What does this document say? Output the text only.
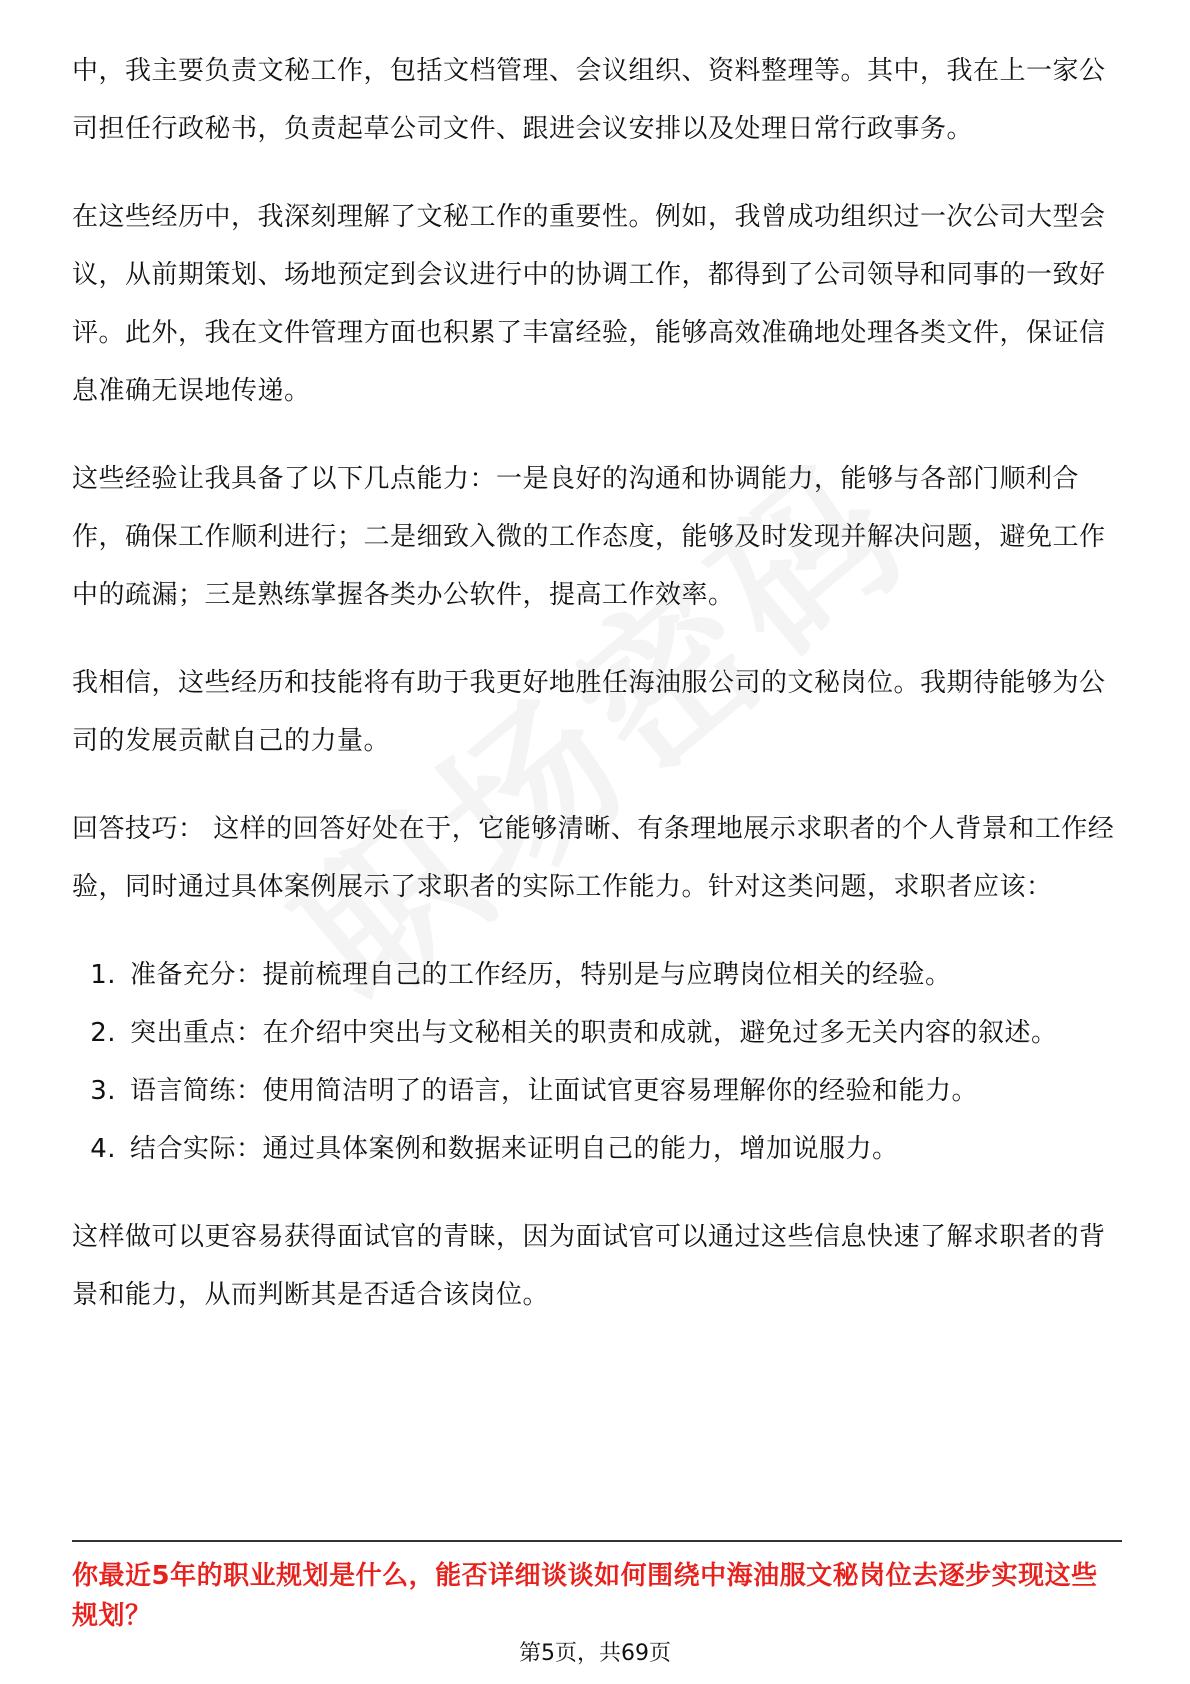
中，我主要负责文秘工作，包括文档管理、会议组织、资料整理等。其中，我在上一家公司担任行政秘书，负责起草公司文件、跟进会议安排以及处理日常行政事务。

在这些经历中，我深刻理解了文秘工作的重要性。例如，我曾成功组织过一次公司大型会议，从前期策划、场地预定到会议进行中的协调工作，都得到了公司领导和同事的一致好评。此外，我在文件管理方面也积累了丰富经验，能够高效准确地处理各类文件，保证信息准确无误地传递。

这些经验让我具备了以下几点能力：一是良好的沟通和协调能力，能够与各部门顺利合作，确保工作顺利进行；二是细致入微的工作态度，能够及时发现并解决问题，避免工作中的疏漏；三是熟练掌握各类办公软件，提高工作效率。

我相信，这些经历和技能将有助于我更好地胜任海油服公司的文秘岗位。我期待能够为公司的发展贡献自己的力量。

回答技巧： 这样的回答好处在于，它能够清晰、有条理地展示求职者的个人背景和工作经验，同时通过具体案例展示了求职者的实际工作能力。针对这类问题，求职者应该：

1. 准备充分：提前梳理自己的工作经历，特别是与应聘岗位相关的经验。
2. 突出重点：在介绍中突出与文秘相关的职责和成就，避免过多无关内容的叙述。
3. 语言简练：使用简洁明了的语言，让面试官更容易理解你的经验和能力。
4. 结合实际：通过具体案例和数据来证明自己的能力，增加说服力。

这样做可以更容易获得面试官的青睐，因为面试官可以通过这些信息快速了解求职者的背景和能力，从而判断其是否适合该岗位。

你最近5年的职业规划是什么，能否详细谈谈如何围绕中海油服文秘岗位去逐步实现这些规划？

第5页，共69页
